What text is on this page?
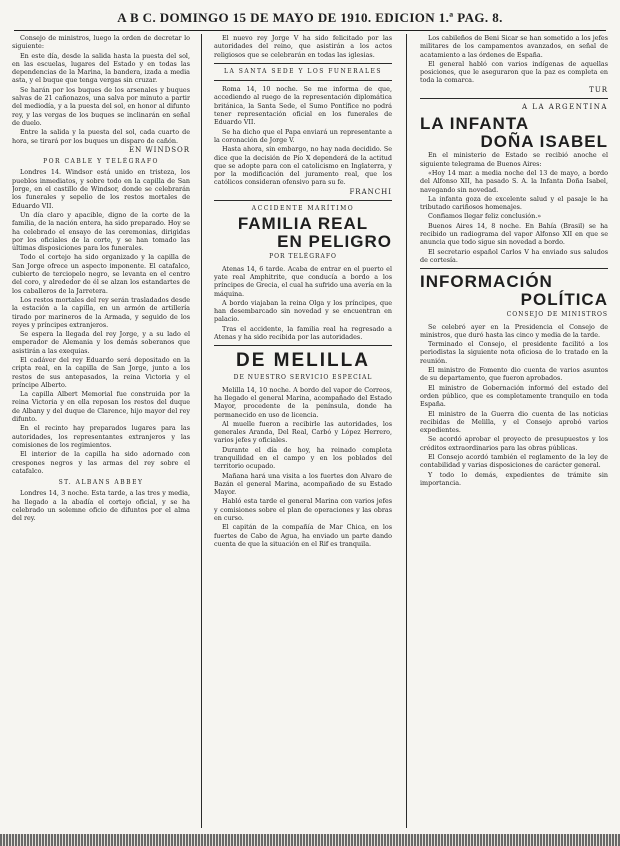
A B C. DOMINGO 15 DE MAYO DE 1910. EDICION 1.ª PAG. 8.

Consejo de ministros, luego la orden de decretar lo siguiente:

En este día, desde la salida hasta la puesta del sol, en las escuelas, lugares del Estado y en todas las dependencias de la Marina, la bandera, izada a media asta, y el buque que tenga vergas sin cruzar.

Se harán por los buques de los arsenales y buques salvas de 21 cañonazos, una salva por minuto a partir del mediodía, y a la puesta del sol, en honor al difunto rey, y las vergas de los buques se inclinarán en señal de duelo.

Entre la salida y la puesta del sol, cada cuarto de hora, se tirará por los buques un disparo de cañón.

EN WINDSOR
POR CABLE Y TELÉGRAFO

Londres 14. Windsor está unido en tristeza, los pueblos inmediatos, y sobre todo en la capilla de San Jorge, en el castillo de Windsor, donde se celebrarán los funerales y sepelio de los restos mortales de Eduardo VII.

Un día claro y apacible, digno de la corte de la familia, de la nación entera, ha sido preparado. Hoy se ha celebrado el ensayo de las ceremonias, dirigidas por los oficiales de la corte, y se han tomado las últimas disposiciones para los funerales.

Todo el cortejo ha sido organizado y la capilla de San Jorge ofrece un aspecto imponente. El catafalco, cubierto de terciopelo negro, se levanta en el centro del coro, y alrededor de él se alzan los estandartes de los caballeros de la Jarretera.

Los restos mortales del rey serán trasladados desde la estación a la capilla, en un armón de artillería tirado por marineros de la Armada, y seguido de los reyes y príncipes extranjeros.

Se espera la llegada del rey Jorge, y a su lado el emperador de Alemania y los demás soberanos que asistirán a las exequias.

El cadáver del rey Eduardo será depositado en la cripta real, en la capilla de San Jorge, junto a los restos de sus antepasados, la reina Victoria y el príncipe Alberto.

La capilla Albert Memorial fue construida por la reina Victoria y en ella reposan los restos del duque de Albany y del duque de Clarence, hijo mayor del rey difunto.

En el recinto hay preparados lugares para las autoridades, los representantes extranjeros y las comisiones de los regimientos.

El interior de la capilla ha sido adornado con crespones negros y las armas del rey sobre el catafalco.

ST. ALBANS ABBEY

Londres 14, 3 noche. Esta tarde, a las tres y media, ha llegado a la abadía el cortejo oficial, y se ha celebrado un solemne oficio de difuntos por el alma del rey.

El nuevo rey Jorge V ha sido felicitado por las autoridades del reino, que asistirán a los actos religiosos que se celebrarán en todas las iglesias.

LA SANTA SEDE Y LOS FUNERALES

Roma 14, 10 noche. Se me informa de que, accediendo al ruego de la representación diplomática británica, la Santa Sede, el Sumo Pontífice no podrá tener representación oficial en los funerales de Eduardo VII.

Se ha dicho que el Papa enviará un representante a la coronación de Jorge V.

Hasta ahora, sin embargo, no hay nada decidido. Se dice que la decisión de Pío X dependerá de la actitud que se adopte para con el catolicismo en Inglaterra, y por la modificación del juramento real, que los católicos consideran ofensivo para su fe.

FRANCHI
ACCIDENTE MARÍTIMO
FAMILIA REAL
EN PELIGRO
POR TELÉGRAFO

Atenas 14, 6 tarde. Acaba de entrar en el puerto el yate real Amphitrite, que conducía a bordo a los príncipes de Grecia, el cual ha sufrido una avería en la máquina.

A bordo viajaban la reina Olga y los príncipes, que han desembarcado sin novedad y se encuentran en palacio.

Tras el accidente, la familia real ha regresado a Atenas y ha sido recibida por las autoridades.

DE MELILLA
DE NUESTRO SERVICIO ESPECIAL

Melilla 14, 10 noche. A bordo del vapor de Correos, ha llegado el general Marina, acompañado del Estado Mayor, procedente de la península, donde ha permanecido en uso de licencia.

Al muelle fueron a recibirle las autoridades, los generales Aranda, Del Real, Carbó y López Herrero, varios jefes y oficiales.

Durante el día de hoy, ha reinado completa tranquilidad en el campo y en los poblados del territorio ocupado.

Mañana hará una visita a los fuertes don Alvaro de Bazán el general Marina, acompañado de su Estado Mayor.

Habló esta tarde el general Marina con varios jefes y comisiones sobre el plan de operaciones y las obras en curso.

El capitán de la compañía de Mar Chica, en los fuertes de Cabo de Agua, ha enviado un parte dando cuenta de que la situación en el Rif es tranquila.

Los cabileños de Beni Sicar se han sometido a los jefes militares de los campamentos avanzados, en señal de acatamiento a las órdenes de España.

El general habló con varios indígenas de aquellas posiciones, que le aseguraron que la paz es completa en toda la comarca.

TUR
A LA ARGENTINA
LA INFANTA
DOÑA ISABEL

En el ministerio de Estado se recibió anoche el siguiente telegrama de Buenos Aires:

«Hoy 14 mar. a media noche del 13 de mayo, a bordo del Alfonso XII, ha pasado S. A. la Infanta Doña Isabel, navegando sin novedad.

La infanta goza de excelente salud y el pasaje le ha tributado cariñosos homenajes.

Confiamos llegar feliz conclusión.»

Buenos Aires 14, 8 noche. En Bahía (Brasil) se ha recibido un radiograma del vapor Alfonso XII en que se anuncia que todo sigue sin novedad a bordo.

El secretario español Carlos V ha enviado sus saludos de cortesía.

INFORMACIÓN
POLÍTICA
CONSEJO DE MINISTROS

Se celebró ayer en la Presidencia el Consejo de ministros, que duró hasta las cinco y media de la tarde.

Terminado el Consejo, el presidente facilitó a los periodistas la siguiente nota oficiosa de lo tratado en la reunión.

El ministro de Fomento dio cuenta de varios asuntos de su departamento, que fueron aprobados.

El ministro de Gobernación informó del estado del orden público, que es completamente tranquilo en toda España.

El ministro de la Guerra dio cuenta de las noticias recibidas de Melilla, y el Consejo aprobó varios expedientes.

Se acordó aprobar el proyecto de presupuestos y los créditos extraordinarios para las obras públicas.

El Consejo acordó también el reglamento de la ley de contabilidad y varias disposiciones de carácter general.

Y todo lo demás, expedientes de trámite sin importancia.
